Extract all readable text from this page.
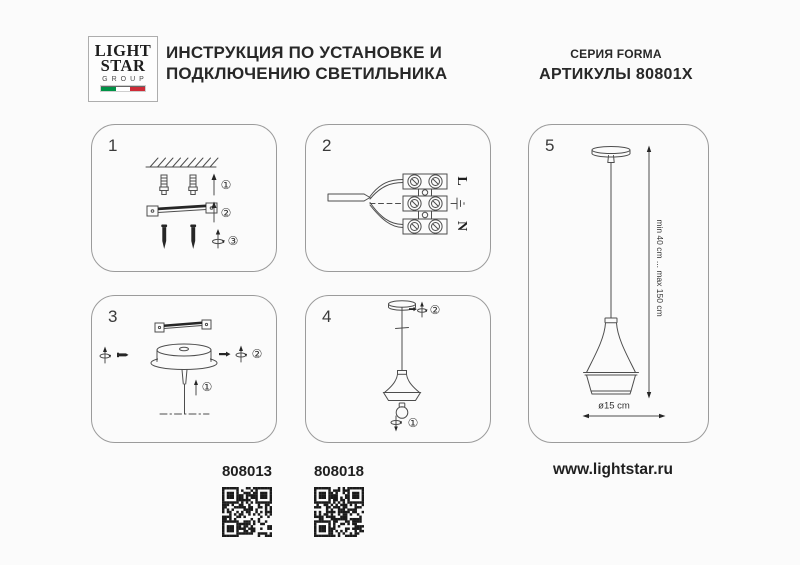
LIGHT
STAR
GROUP
ИНСТРУКЦИЯ ПО УСТАНОВКЕ И
ПОДКЛЮЧЕНИЮ СВЕТИЛЬНИКА
СЕРИЯ FORMA
АРТИКУЛЫ 80801X
1
①
②
③
2
L
N
3
②
①
4	②
①
5
min 40 cm ... max 150 cm
ø15 cm
808013	808018	www.lightstar.ru
